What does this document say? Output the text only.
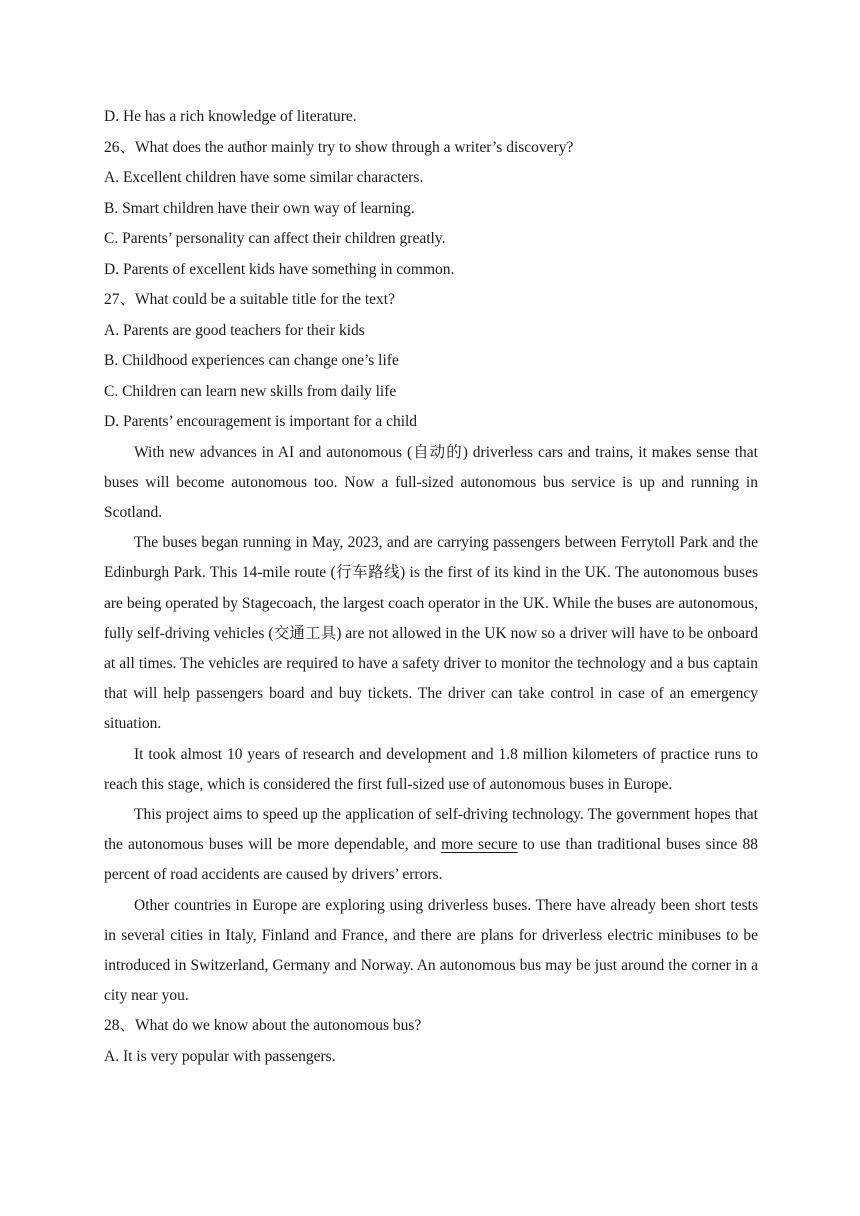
D. He has a rich knowledge of literature.

26、What does the author mainly try to show through a writer’s discovery?

A. Excellent children have some similar characters.

B. Smart children have their own way of learning.

C. Parents’ personality can affect their children greatly.

D. Parents of excellent kids have something in common.

27、What could be a suitable title for the text?

A. Parents are good teachers for their kids

B. Childhood experiences can change one’s life

C. Children can learn new skills from daily life

D. Parents’ encouragement is important for a child

With new advances in AI and autonomous (自动的) driverless cars and trains, it makes sense that buses will become autonomous too. Now a full-sized autonomous bus service is up and running in Scotland.

The buses began running in May, 2023, and are carrying passengers between Ferrytoll Park and the Edinburgh Park. This 14-mile route (行车路线) is the first of its kind in the UK. The autonomous buses are being operated by Stagecoach, the largest coach operator in the UK. While the buses are autonomous, fully self-driving vehicles (交通工具) are not allowed in the UK now so a driver will have to be onboard at all times. The vehicles are required to have a safety driver to monitor the technology and a bus captain that will help passengers board and buy tickets. The driver can take control in case of an emergency situation.

It took almost 10 years of research and development and 1.8 million kilometers of practice runs to reach this stage, which is considered the first full-sized use of autonomous buses in Europe.

This project aims to speed up the application of self-driving technology. The government hopes that the autonomous buses will be more dependable, and more secure to use than traditional buses since 88 percent of road accidents are caused by drivers’ errors.

Other countries in Europe are exploring using driverless buses. There have already been short tests in several cities in Italy, Finland and France, and there are plans for driverless electric minibuses to be introduced in Switzerland, Germany and Norway. An autonomous bus may be just around the corner in a city near you.

28、What do we know about the autonomous bus?

A. It is very popular with passengers.
